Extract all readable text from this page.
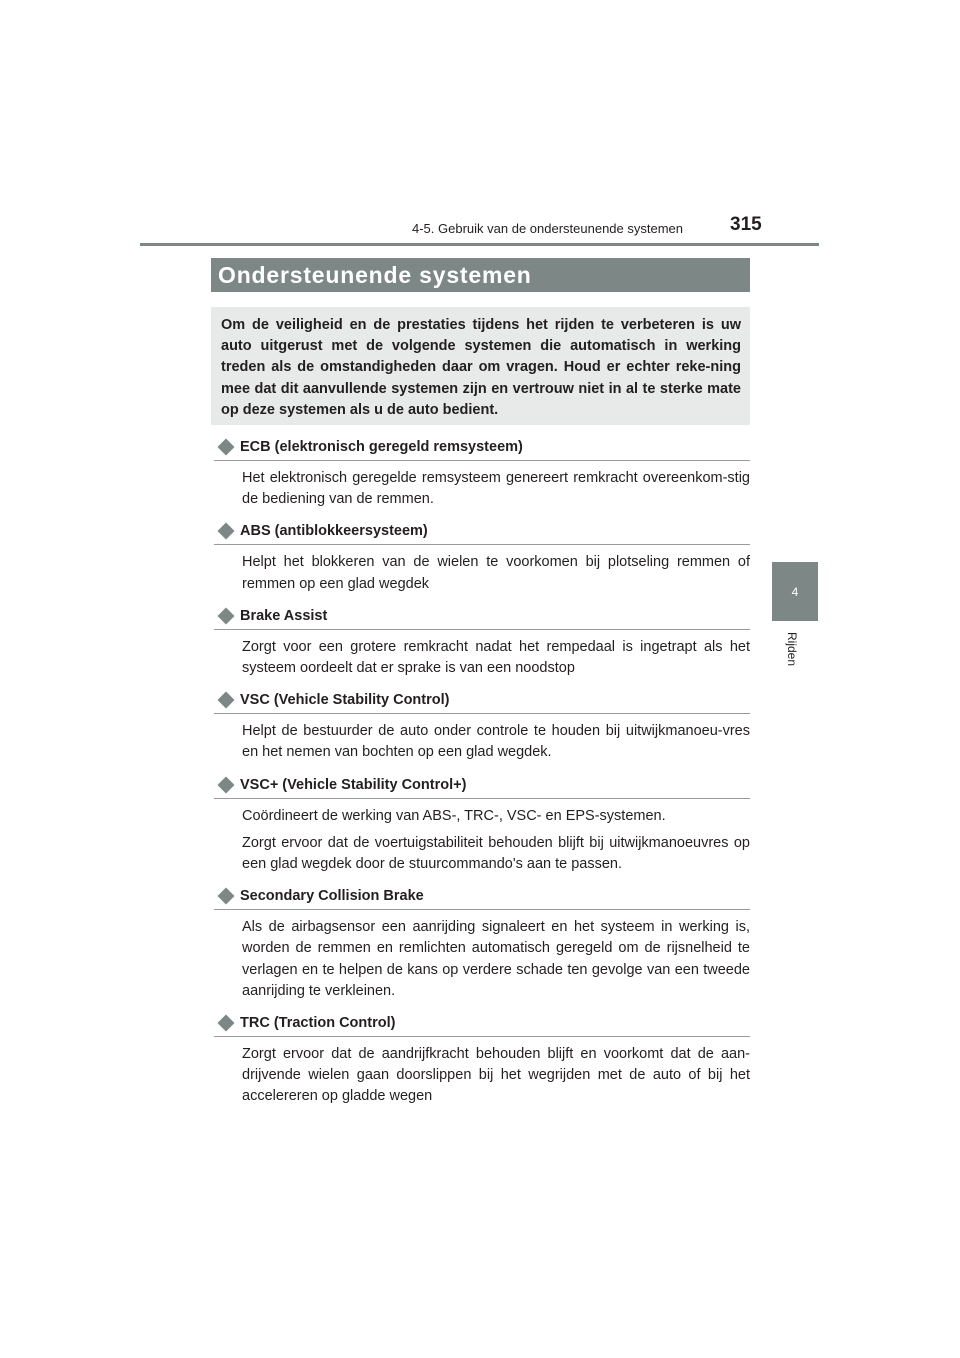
4-5. Gebruik van de ondersteunende systemen 315
4
Rijden
Ondersteunende systemen

Om de veiligheid en de prestaties tijdens het rijden te verbeteren is uw auto uitgerust met de volgende systemen die automatisch in werking treden als de omstandigheden daar om vragen. Houd er echter reke-ning mee dat dit aanvullende systemen zijn en vertrouw niet in al te sterke mate op deze systemen als u de auto bedient.

ECB (elektronisch geregeld remsysteem)

Het elektronisch geregelde remsysteem genereert remkracht overeenkom-stig de bediening van de remmen.

ABS (antiblokkeersysteem)

Helpt het blokkeren van de wielen te voorkomen bij plotseling remmen of remmen op een glad wegdek

Brake Assist

Zorgt voor een grotere remkracht nadat het rempedaal is ingetrapt als het systeem oordeelt dat er sprake is van een noodstop

VSC (Vehicle Stability Control)

Helpt de bestuurder de auto onder controle te houden bij uitwijkmanoeu-vres en het nemen van bochten op een glad wegdek.

VSC+ (Vehicle Stability Control+)

Coördineert de werking van ABS-, TRC-, VSC- en EPS-systemen.

Zorgt ervoor dat de voertuigstabiliteit behouden blijft bij uitwijkmanoeuvres op een glad wegdek door de stuurcommando's aan te passen.

Secondary Collision Brake

Als de airbagsensor een aanrijding signaleert en het systeem in werking is, worden de remmen en remlichten automatisch geregeld om de rijsnelheid te verlagen en te helpen de kans op verdere schade ten gevolge van een tweede aanrijding te verkleinen.

TRC (Traction Control)

Zorgt ervoor dat de aandrijfkracht behouden blijft en voorkomt dat de aan-drijvende wielen gaan doorslippen bij het wegrijden met de auto of bij het accelereren op gladde wegen
